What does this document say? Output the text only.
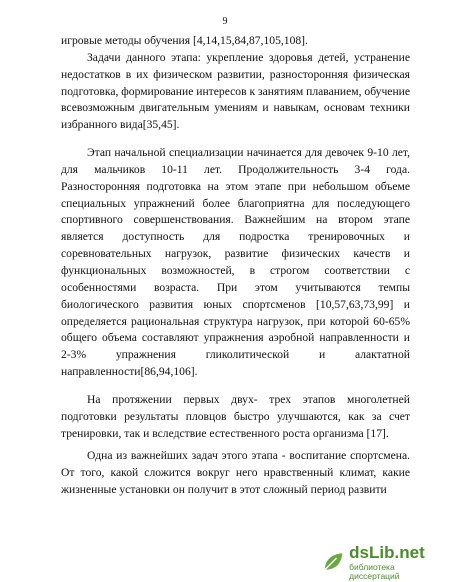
9

игровые методы обучения [4,14,15,84,87,105,108].

Задачи данного этапа: укрепление здоровья детей, устранение недостатков в их физическом развитии, разносторонняя физическая подготовка, формирование интересов к занятиям плаванием, обучение всевозможным двигательным умениям и навыкам, основам техники избранного вида[35,45].

Этап начальной специализации начинается для девочек 9-10 лет, для мальчиков 10-11 лет. Продолжительность 3-4 года. Разносторонняя подготовка на этом этапе при небольшом объеме специальных упражнений более благоприятна для последующего спортивного совершенствования. Важнейшим на втором этапе является доступность для подростка тренировочных и соревновательных нагрузок, развитие физических качеств и функциональных возможностей, в строгом соответствии с особенностями возраста. При этом учитываются темпы биологического развития юных спортсменов [10,57,63,73,99] и определяется рациональная структура нагрузок, при которой 60-65% общего объема составляют упражнения аэробной направленности и 2-3% упражнения гликолитической и алактатной направленности[86,94,106].

На протяжении первых двух- трех этапов многолетней подготовки результаты пловцов быстро улучшаются, как за счет тренировки, так и вследствие естественного роста организма [17].

Одна из важнейших задач этого этапа - воспитание спортсмена. От того, какой сложится вокруг него нравственный климат, какие жизненные установки он получит в этот сложный период развити

dsLib.net
библиотека диссертаций
